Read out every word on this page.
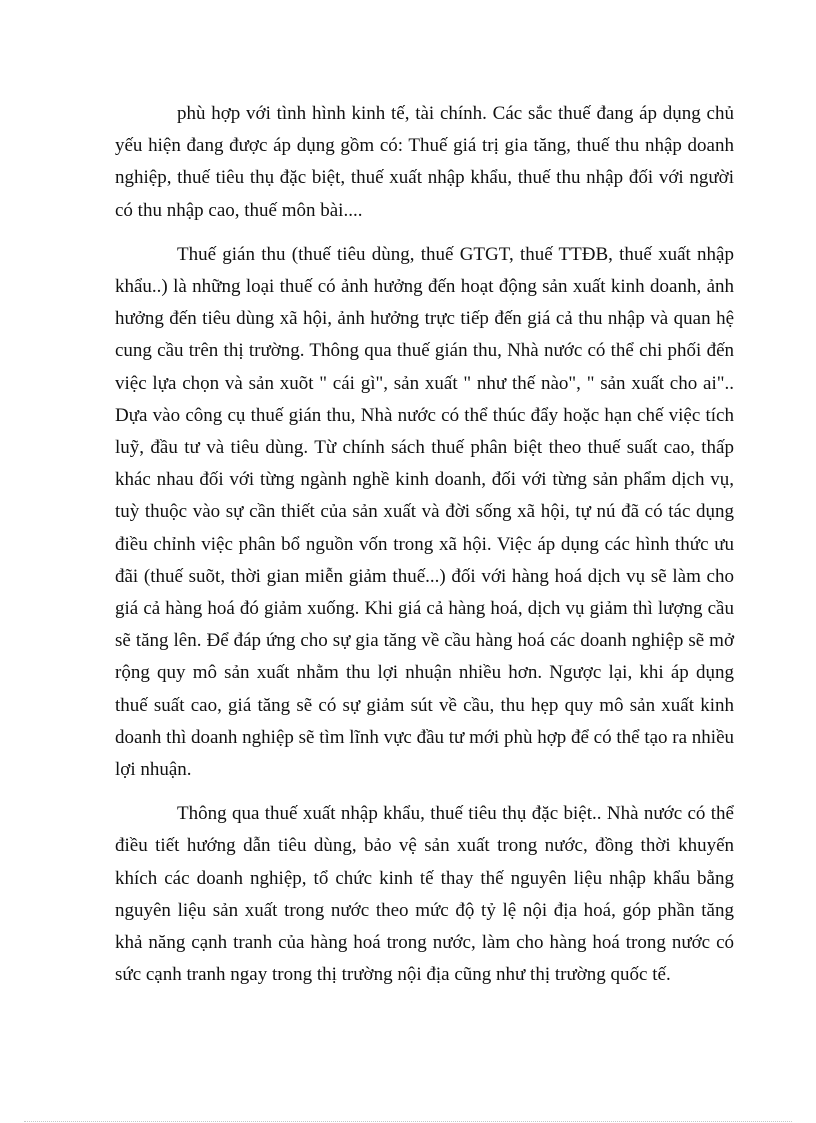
phù hợp với tình hình kinh tế, tài chính. Các sắc thuế đang áp dụng chủ yếu hiện đang được áp dụng gồm có: Thuế giá trị gia tăng, thuế thu nhập doanh nghiệp, thuế tiêu thụ đặc biệt, thuế xuất nhập khẩu, thuế thu nhập đối với người có thu nhập cao, thuế môn bài....

Thuế gián thu (thuế tiêu dùng, thuế GTGT, thuế TTĐB, thuế xuất nhập khẩu..) là những loại thuế có ảnh hưởng đến hoạt động sản xuất kinh doanh, ảnh hưởng đến tiêu dùng xã hội, ảnh hưởng trực tiếp đến giá cả thu nhập và quan hệ cung cầu trên thị trường. Thông qua thuế gián thu, Nhà nước có thể chi phối đến việc lựa chọn và sản xuõt " cái gì", sản xuất " như thế nào", " sản xuất cho ai".. Dựa vào công cụ thuế gián thu, Nhà nước có thể thúc đẩy hoặc hạn chế việc tích luỹ, đầu tư và tiêu dùng. Từ chính sách thuế phân biệt theo thuế suất cao, thấp khác nhau đối với từng ngành nghề kinh doanh, đối với từng sản phẩm dịch vụ, tuỳ thuộc vào sự cần thiết của sản xuất và đời sống xã hội, tự nú đã có tác dụng điều chỉnh việc phân bổ nguồn vốn trong xã hội. Việc áp dụng các hình thức ưu đãi (thuế suõt, thời gian miễn giảm thuế...) đối với hàng hoá dịch vụ sẽ làm cho giá cả hàng hoá đó giảm xuống. Khi giá cả hàng hoá, dịch vụ giảm thì lượng cầu sẽ tăng lên. Để đáp ứng cho sự gia tăng về cầu hàng hoá các doanh nghiệp sẽ mở rộng quy mô sản xuất nhằm thu lợi nhuận nhiều hơn. Ngược lại, khi áp dụng thuế suất cao, giá tăng sẽ có sự giảm sút về cầu, thu hẹp quy mô sản xuất kinh doanh thì doanh nghiệp sẽ tìm lĩnh vực đầu tư mới phù hợp để có thể tạo ra nhiều lợi nhuận.

Thông qua thuế xuất nhập khẩu, thuế tiêu thụ đặc biệt.. Nhà nước có thể điều tiết hướng dẫn tiêu dùng, bảo vệ sản xuất trong nước, đồng thời khuyến khích các doanh nghiệp, tổ chức kinh tế thay thế nguyên liệu nhập khẩu bằng nguyên liệu sản xuất trong nước theo mức độ tỷ lệ nội địa hoá, góp phần tăng khả năng cạnh tranh của hàng hoá trong nước, làm cho hàng hoá trong nước có sức cạnh tranh ngay trong thị trường nội địa cũng như thị trường quốc tế.
